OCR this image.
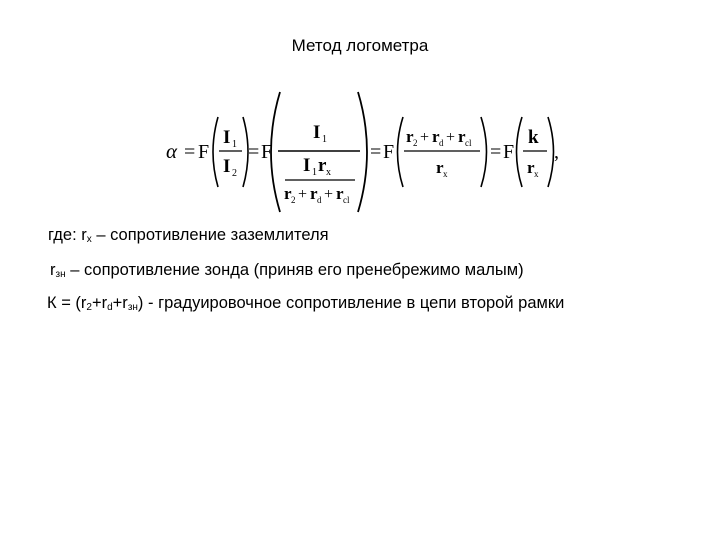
Метод логометра
α = F
I 1
I 2
= F
I 1
I 1 r x
r 2 + r d + r cl
= F
r 2 + r d + r cl
r x
= F
k
r x
,
где: $r_x$ – сопротивление заземлителя
$r_{зн}$ – сопротивление зонда (приняв его пренебрежимо малым)
$К = (r_2+r_d+r_{зн})$ - градуировочное сопротивление в цепи второй рамки
